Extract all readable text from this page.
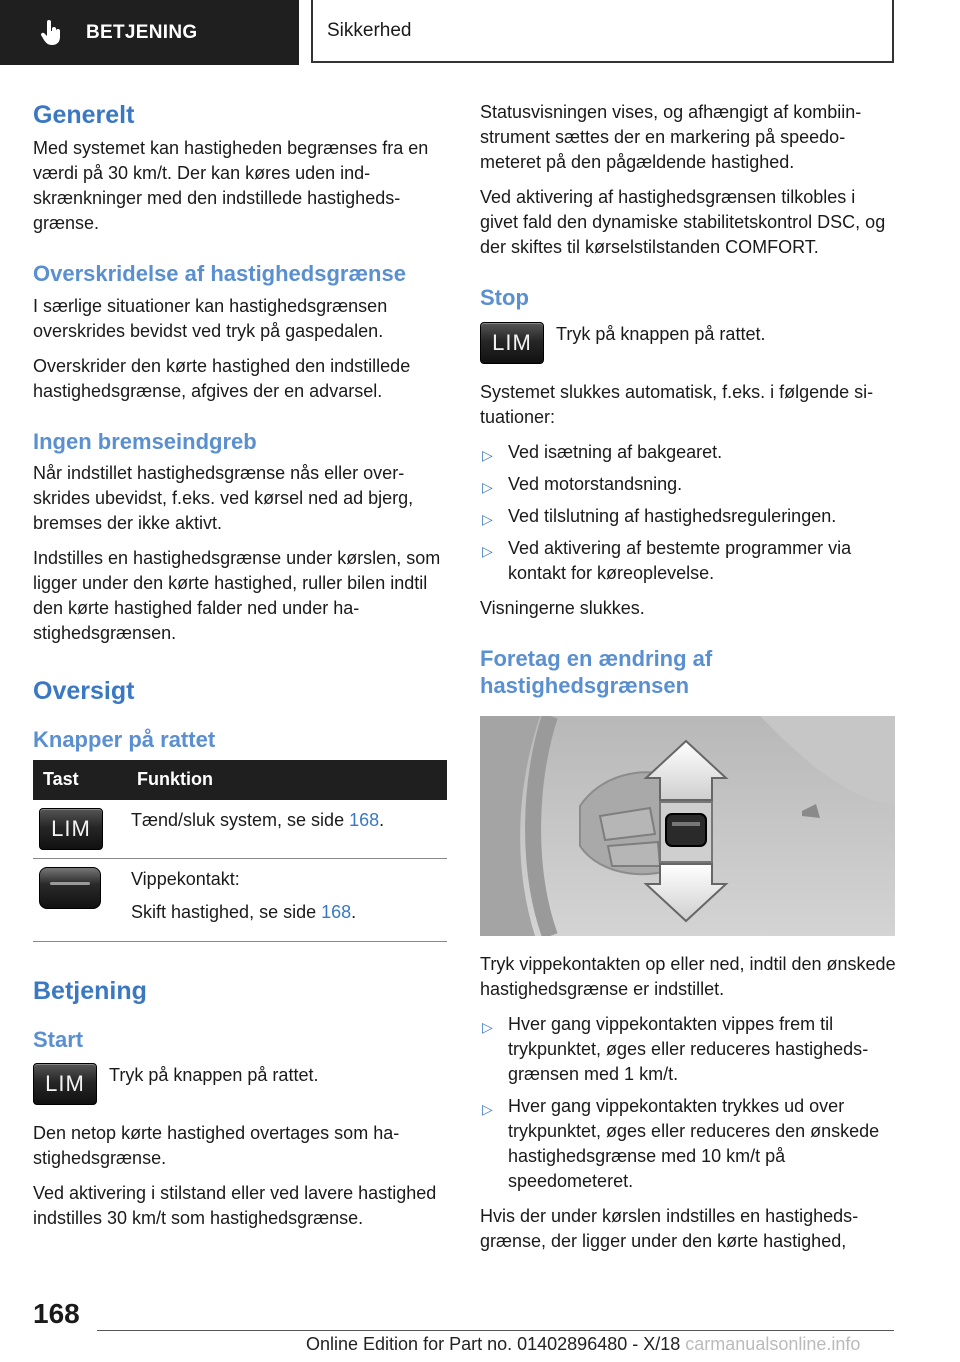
BETJENING	Sikkerhed
Generelt

Med systemet kan hastigheden begrænses fra en værdi på 30 km/t. Der kan køres uden indskrænkninger med den indstillede hastighedsgrænse.

Overskridelse af hastighedsgrænse

I særlige situationer kan hastighedsgrænsen overskrides bevidst ved tryk på gaspedalen.

Overskrider den kørte hastighed den indstillede hastighedsgrænse, afgives der en advarsel.

Ingen bremseindgreb

Når indstillet hastighedsgrænse nås eller overskrides ubevidst, f.eks. ved kørsel ned ad bjerg, bremses der ikke aktivt.

Indstilles en hastighedsgrænse under kørslen, som ligger under den kørte hastighed, ruller bilen indtil den kørte hastighed falder ned under hastighedsgrænsen.

Oversigt
Knapper på rattet
Tast	Funktion

LIM	Tænd/sluk system, se side 168.

	Vippekontakt:

Skift hastighed, se side 168.

Betjening
Start
LIM	Tryk på knappen på rattet.

Den netop kørte hastighed overtages som hastighedsgrænse.

Ved aktivering i stilstand eller ved lavere hastighed indstilles 30 km/t som hastighedsgrænse.

Statusvisningen vises, og afhængigt af kombiinstrument sættes der en markering på speedometeret på den pågældende hastighed.

Ved aktivering af hastighedsgrænsen tilkobles i givet fald den dynamiske stabilitetskontrol DSC, og der skiftes til kørselstilstanden COMFORT.

Stop
LIM	Tryk på knappen på rattet.

Systemet slukkes automatisk, f.eks. i følgende situationer:

▷ Ved isætning af bakgearet.
▷ Ved motorstandsning.
▷ Ved tilslutning af hastighedsreguleringen.
▷ Ved aktivering af bestemte programmer via kontakt for køreoplevelse.

Visningerne slukkes.

Foretag en ændring af hastighedsgrænsen

Tryk vippekontakten op eller ned, indtil den ønskede hastighedsgrænse er indstillet.

▷ Hver gang vippekontakten vippes frem til trykpunktet, øges eller reduceres hastighedsgrænsen med 1 km/t.
▷ Hver gang vippekontakten trykkes ud over trykpunktet, øges eller reduceres den ønskede hastighedsgrænse med 10 km/t på speedometeret.

Hvis der under kørslen indstilles en hastighedsgrænse, der ligger under den kørte hastighed,

168
Online Edition for Part no. 01402896480 - X/18 carmanualsonline.info
